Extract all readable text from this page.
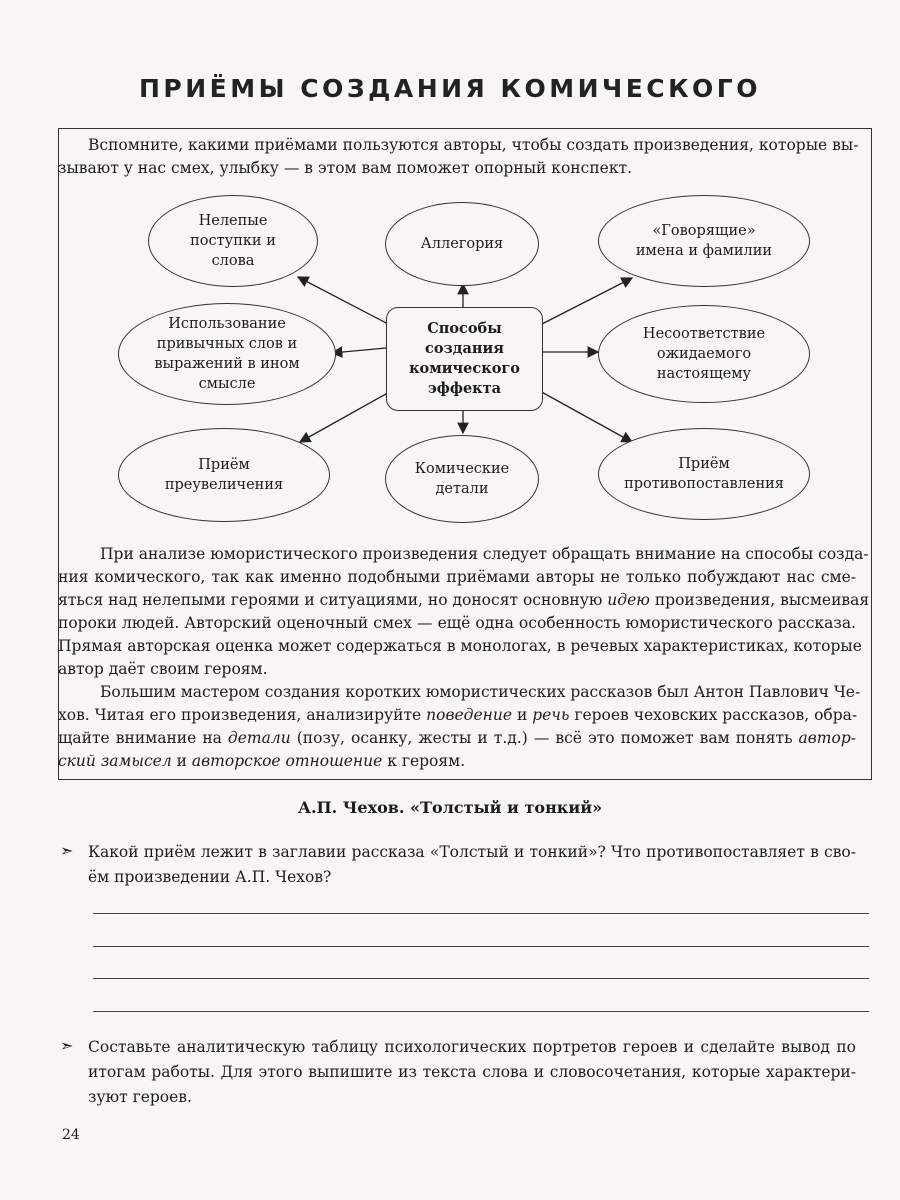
ПРИЁМЫ СОЗДАНИЯ КОМИЧЕСКОГО
Вспомните, какими приёмами пользуются авторы, чтобы создать произведения, которые вы-
зывают у нас смех, улыбку — в этом вам поможет опорный конспект.
Нелепые поступки и слова
Аллегория
«Говорящие» имена и фамилии
Использование привычных слов и выражений в ином смысле
Несоответствие ожидаемого настоящему
Приём преувеличения
Комические детали
Приём противопоставления
Способы создания комического эффекта
При анализе юмористического произведения следует обращать внимание на способы созда-
ния комического, так как именно подобными приёмами авторы не только побуждают нас сме-
яться над нелепыми героями и ситуациями, но доносят основную идею произведения, высмеивая
пороки людей. Авторский оценочный смех — ещё одна особенность юмористического рассказа.
Прямая авторская оценка может содержаться в монологах, в речевых характеристиках, которые
автор даёт своим героям.
Большим мастером создания коротких юмористических рассказов был Антон Павлович Че-
хов. Читая его произведения, анализируйте поведение и речь героев чеховских рассказов, обра-
щайте внимание на детали (позу, осанку, жесты и т.д.) — всё это поможет вам понять автор-
ский замысел и авторское отношение к героям.
А.П. Чехов. «Толстый и тонкий»
➣ Какой приём лежит в заглавии рассказа «Толстый и тонкий»? Что противопоставляет в сво-
ём произведении А.П. Чехов?
➣ Составьте аналитическую таблицу психологических портретов героев и сделайте вывод по
итогам работы. Для этого выпишите из текста слова и словосочетания, которые характери-
зуют героев.
24
